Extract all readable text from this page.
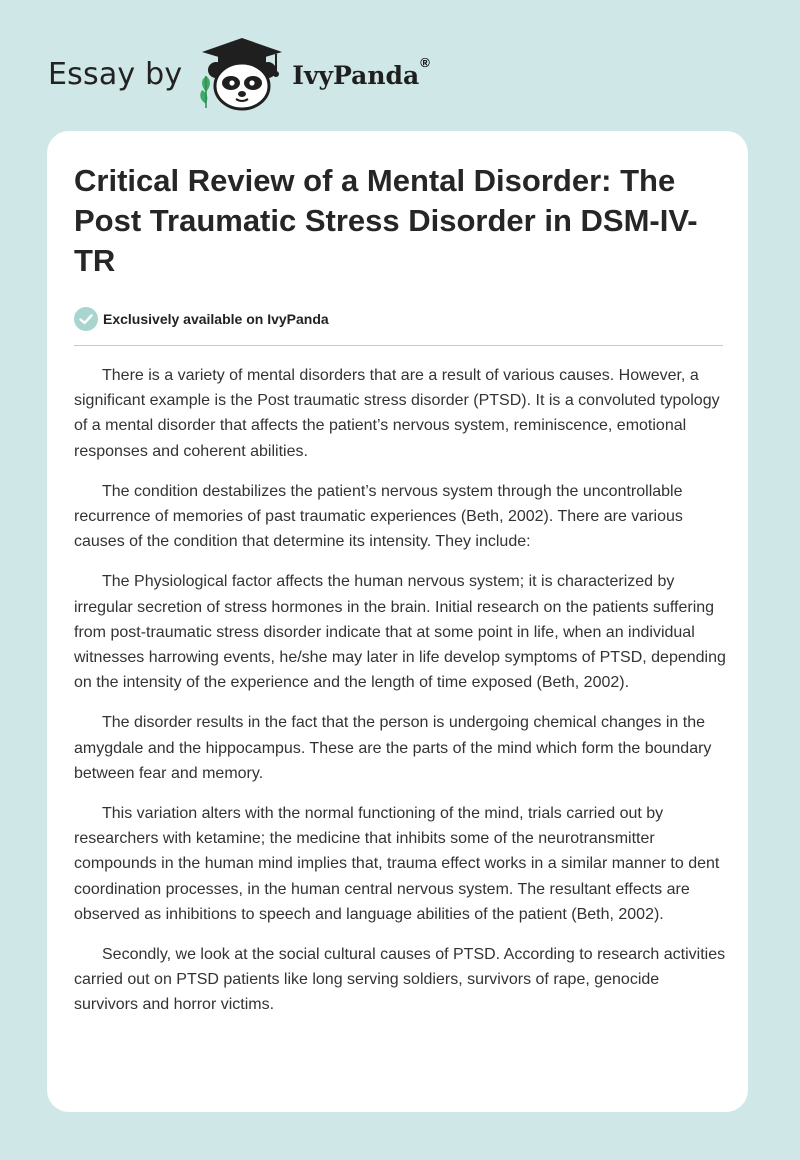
Essay by	IvyPanda ®
Critical Review of a Mental Disorder: The Post Traumatic Stress Disorder in DSM-IV-TR
Exclusively available on IvyPanda

There is a variety of mental disorders that are a result of various causes. However, a significant example is the Post traumatic stress disorder (PTSD). It is a convoluted typology of a mental disorder that affects the patient’s nervous system, reminiscence, emotional responses and coherent abilities.

The condition destabilizes the patient’s nervous system through the uncontrollable recurrence of memories of past traumatic experiences (Beth, 2002). There are various causes of the condition that determine its intensity. They include:

The Physiological factor affects the human nervous system; it is characterized by irregular secretion of stress hormones in the brain. Initial research on the patients suffering from post-traumatic stress disorder indicate that at some point in life, when an individual witnesses harrowing events, he/she may later in life develop symptoms of PTSD, depending on the intensity of the experience and the length of time exposed (Beth, 2002).

The disorder results in the fact that the person is undergoing chemical changes in the amygdale and the hippocampus. These are the parts of the mind which form the boundary between fear and memory.

This variation alters with the normal functioning of the mind, trials carried out by researchers with ketamine; the medicine that inhibits some of the neurotransmitter compounds in the human mind implies that, trauma effect works in a similar manner to dent coordination processes, in the human central nervous system. The resultant effects are observed as inhibitions to speech and language abilities of the patient (Beth, 2002).

Secondly, we look at the social cultural causes of PTSD. According to research activities carried out on PTSD patients like long serving soldiers, survivors of rape, genocide survivors and horror victims.
